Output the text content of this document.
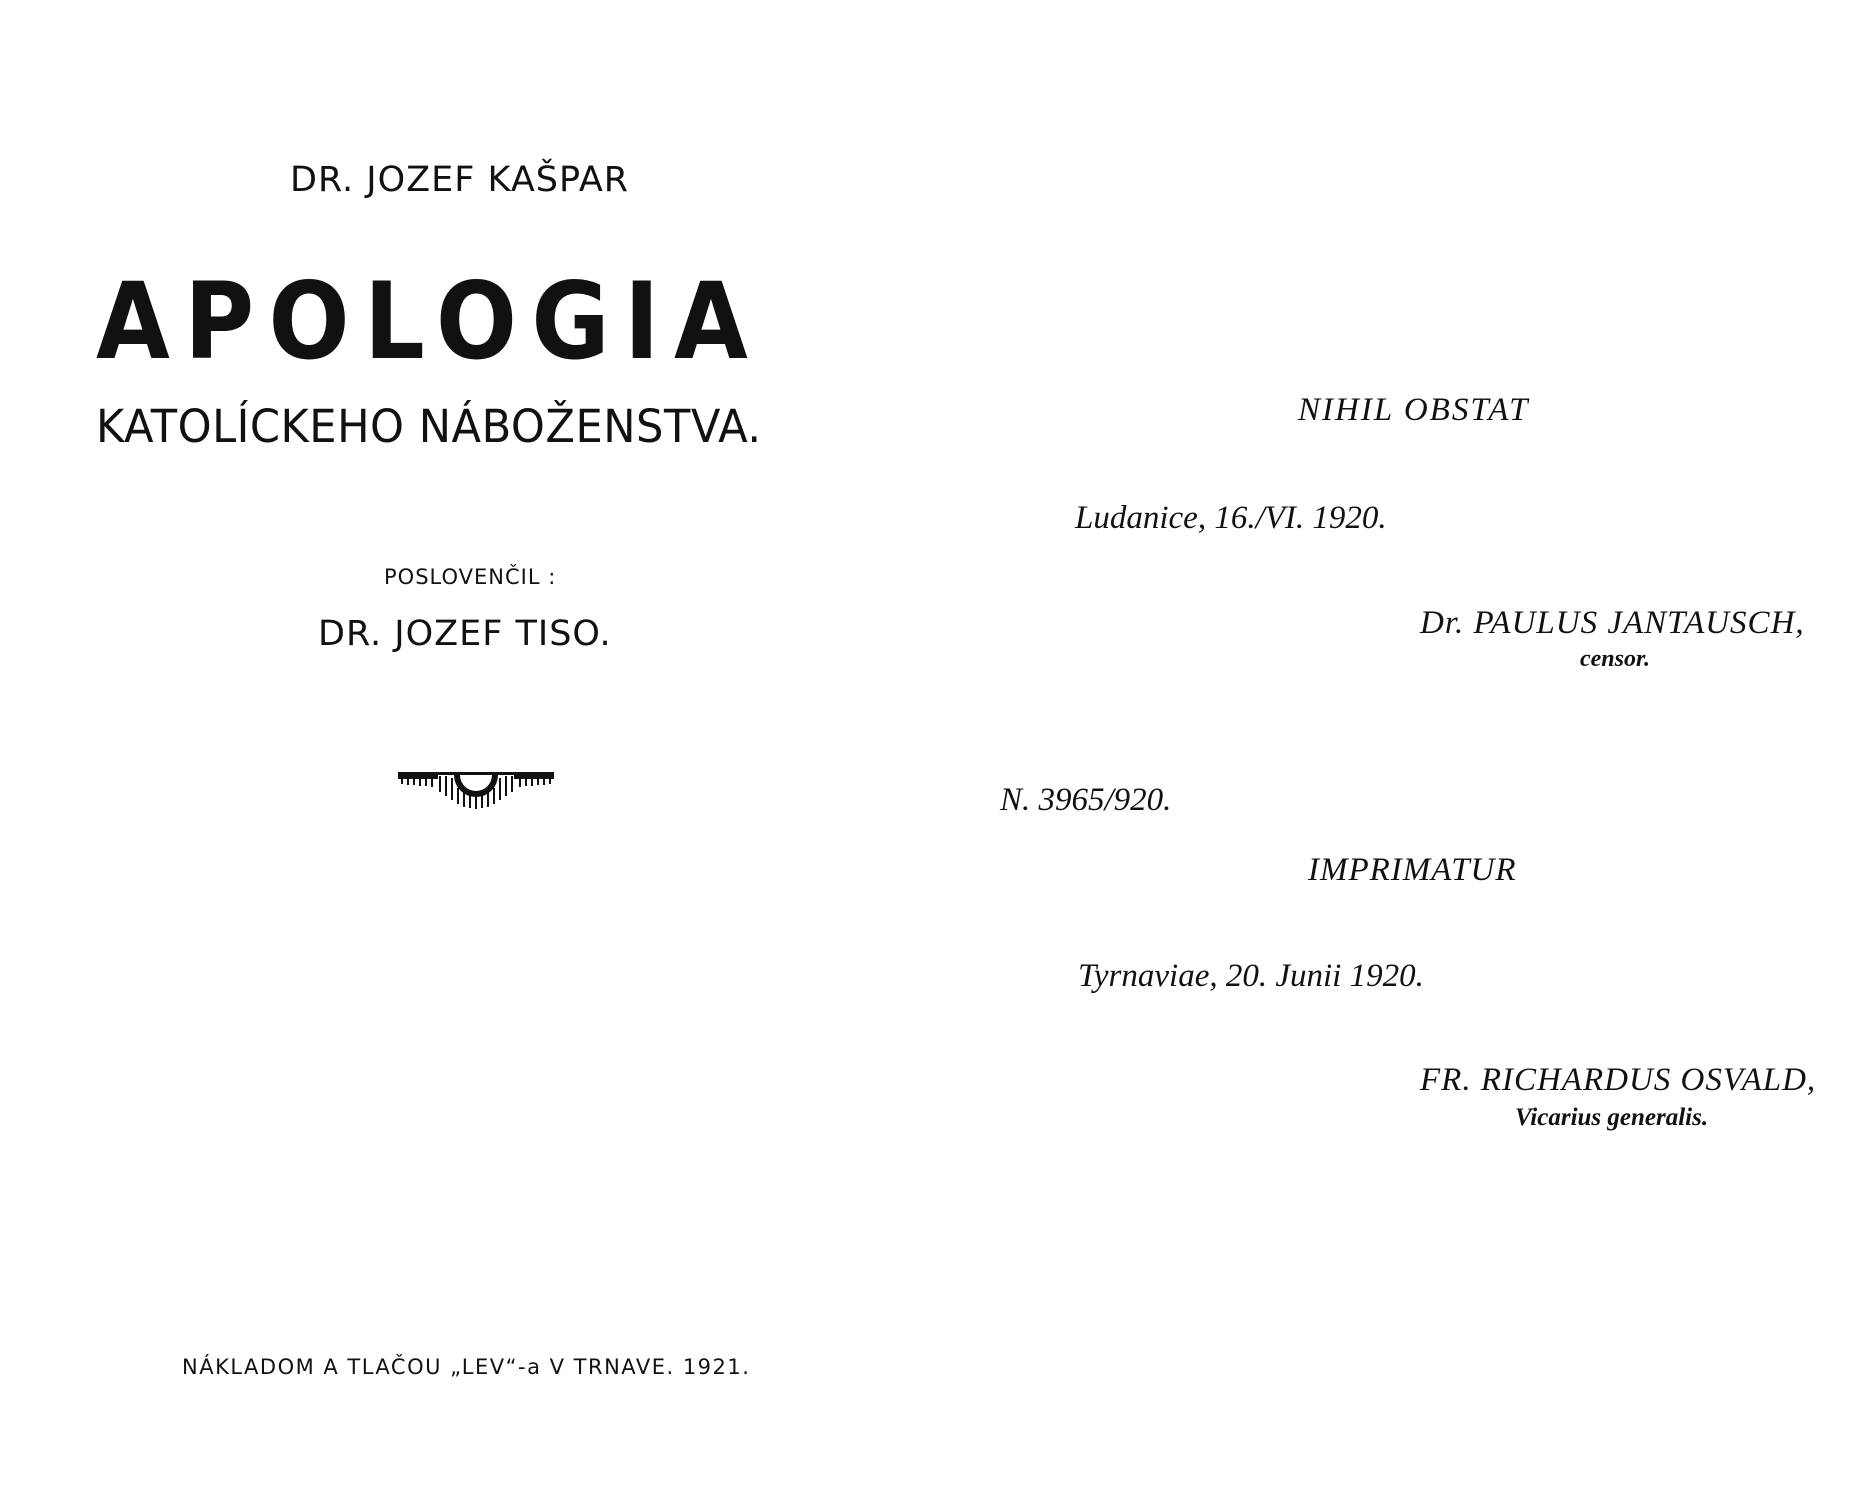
DR. JOZEF KAŠPAR
APOLOGIA
KATOLÍCKEHO NÁBOŽENSTVA.
POSLOVENČIL :
DR. JOZEF TISO.
NÁKLADOM A TLAČOU „LEV“-a V TRNAVE. 1921.
NIHIL OBSTAT
Ludanice, 16./VI. 1920.
Dr. PAULUS JANTAUSCH,
censor.
N. 3965/920.
IMPRIMATUR
Tyrnaviae, 20. Junii 1920.
FR. RICHARDUS OSVALD,
Vicarius generalis.
